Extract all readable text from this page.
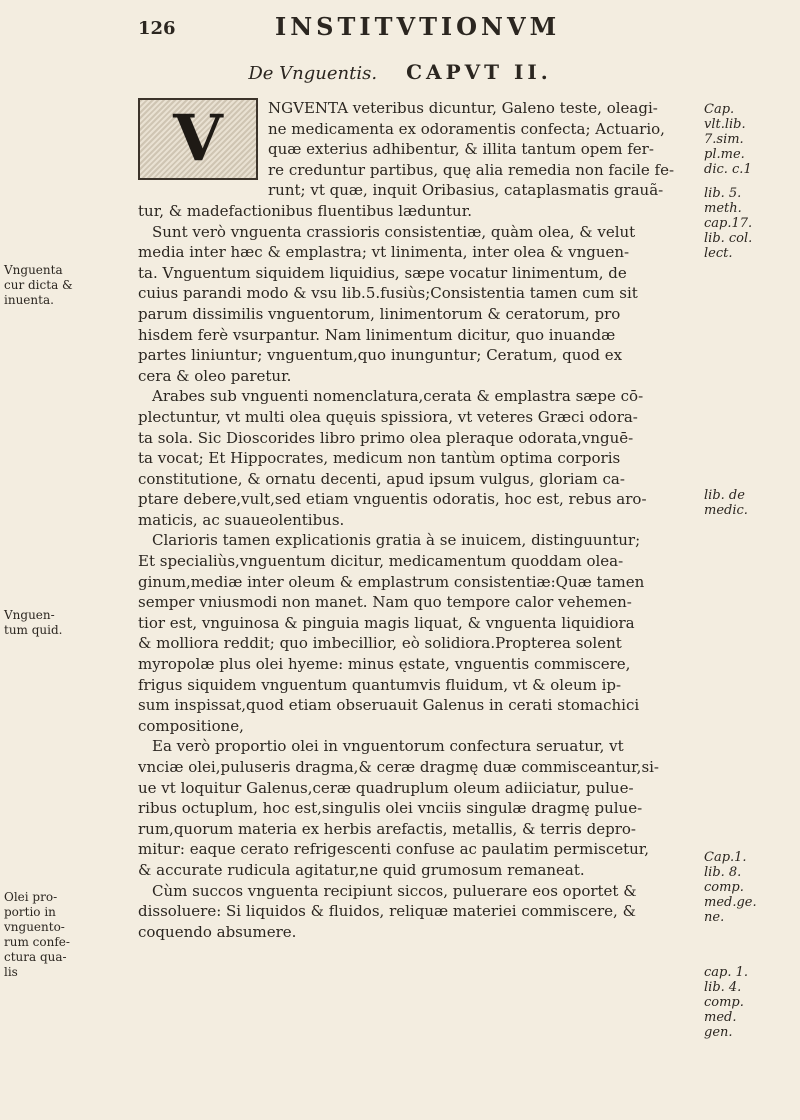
126	INSTITVTIONVM
De Vnguentis. CAPVT II.
NGVENTA veteribus dicuntur, Galeno teste, oleagi-
ne medicamenta ex odoramentis confecta; Actuario,
quæ exterius adhibentur, & illita tantum opem fer-
re creduntur partibus, quę alia remedia non facile fe-
runt; vt quæ, inquit Oribasius, cataplasmatis grauã-
tur, & madefactionibus fluentibus læduntur.
Sunt verò vnguenta crassioris consistentiæ, quàm olea, & velut
media inter hæc & emplastra; vt linimenta, inter olea & vnguen-
ta. Vnguentum siquidem liquidius, sæpe vocatur linimentum, de
cuius parandi modo & vsu lib.5.fusiùs;Consistentia tamen cum sit
parum dissimilis vnguentorum, linimentorum & ceratorum, pro
hisdem ferè vsurpantur. Nam linimentum dicitur, quo inuandæ
partes liniuntur; vnguentum,quo inunguntur; Ceratum, quod ex
cera & oleo paretur.
Arabes sub vnguenti nomenclatura,cerata & emplastra sæpe cō-
plectuntur, vt multi olea quęuis spissiora, vt veteres Græci odora-
ta sola. Sic Dioscorides libro primo olea pleraque odorata,vnguē-
ta vocat; Et Hippocrates, medicum non tantùm optima corporis
constitutione, & ornatu decenti, apud ipsum vulgus, gloriam ca-
ptare debere,vult,sed etiam vnguentis odoratis, hoc est, rebus aro-
maticis, ac suaueolentibus.
Clarioris tamen explicationis gratia à se inuicem, distinguuntur;
Et specialiùs,vnguentum dicitur, medicamentum quoddam olea-
ginum,mediæ inter oleum & emplastrum consistentiæ:Quæ tamen
semper vniusmodi non manet. Nam quo tempore calor vehemen-
tior est, vnguinosa & pinguia magis liquat, & vnguenta liquidiora
& molliora reddit; quo imbecillior, eò solidiora.Propterea solent
myropolæ plus olei hyeme: minus ęstate, vnguentis commiscere,
frigus siquidem vnguentum quantumvis fluidum, vt & oleum ip-
sum inspissat,quod etiam obseruauit Galenus in cerati stomachici
compositione,
Ea verò proportio olei in vnguentorum confectura seruatur, vt
vnciæ olei,puluseris dragma,& ceræ dragmę duæ commisceantur,si-
ue vt loquitur Galenus,ceræ quadruplum oleum adiiciatur, pulue-
ribus octuplum, hoc est,singulis olei vnciis singulæ dragmę pulue-
rum,quorum materia ex herbis arefactis, metallis, & terris depro-
mitur: eaque cerato refrigescenti confuse ac paulatim permiscetur,
& accurate rudicula agitatur,ne quid grumosum remaneat.
Cùm succos vnguenta recipiunt siccos, puluerare eos oportet &
dissoluere: Si liquidos & fluidos, reliquæ materiei commiscere, &
coquendo absumere.
V
Vnguenta
cur dicta &
inuenta.
Vnguen-
tum quid.
Olei pro-
portio in
vnguento-
rum confe-
ctura qua-
lis
Cap.
vlt.lib.
7.sim.
pl.me.
dic. c.1
lib. 5.
meth.
cap.17.
lib. col.
lect.
lib. de
medic.
Cap.1.
lib. 8.
comp.
med.ge.
ne.
cap. 1.
lib. 4.
comp.
med.
gen.
